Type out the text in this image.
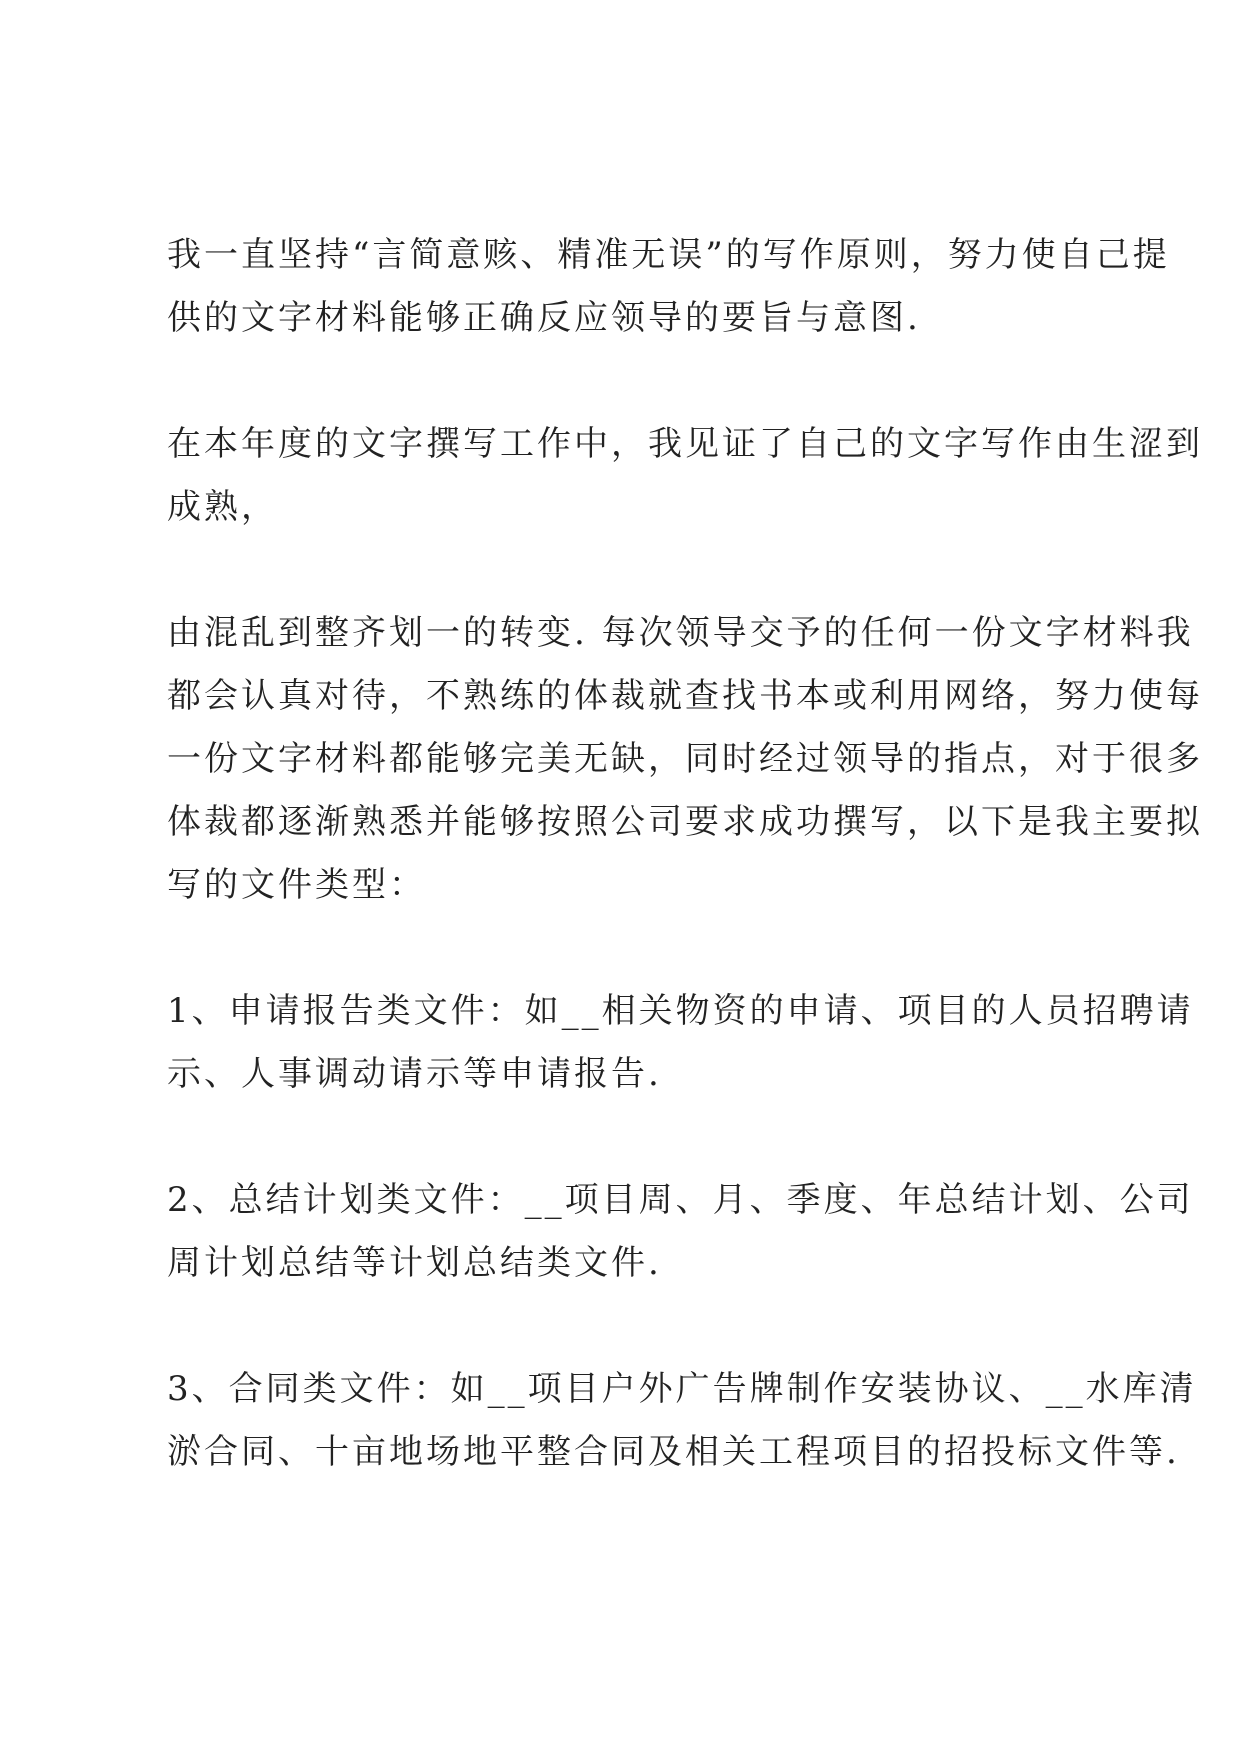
我一直坚持“言简意赅、精准无误”的写作原则，努力使自己提
供的文字材料能够正确反应领导的要旨与意图.

在本年度的文字撰写工作中，我见证了自己的文字写作由生涩到
成熟，

由混乱到整齐划一的转变. 每次领导交予的任何一份文字材料我
都会认真对待，不熟练的体裁就查找书本或利用网络，努力使每
一份文字材料都能够完美无缺，同时经过领导的指点，对于很多
体裁都逐渐熟悉并能够按照公司要求成功撰写，以下是我主要拟
写的文件类型：

1、申请报告类文件：如__相关物资的申请、项目的人员招聘请
示、人事调动请示等申请报告.

2、总结计划类文件：__项目周、月、季度、年总结计划、公司
周计划总结等计划总结类文件.

3、合同类文件：如__项目户外广告牌制作安装协议、__水库清
淤合同、十亩地场地平整合同及相关工程项目的招投标文件等.
